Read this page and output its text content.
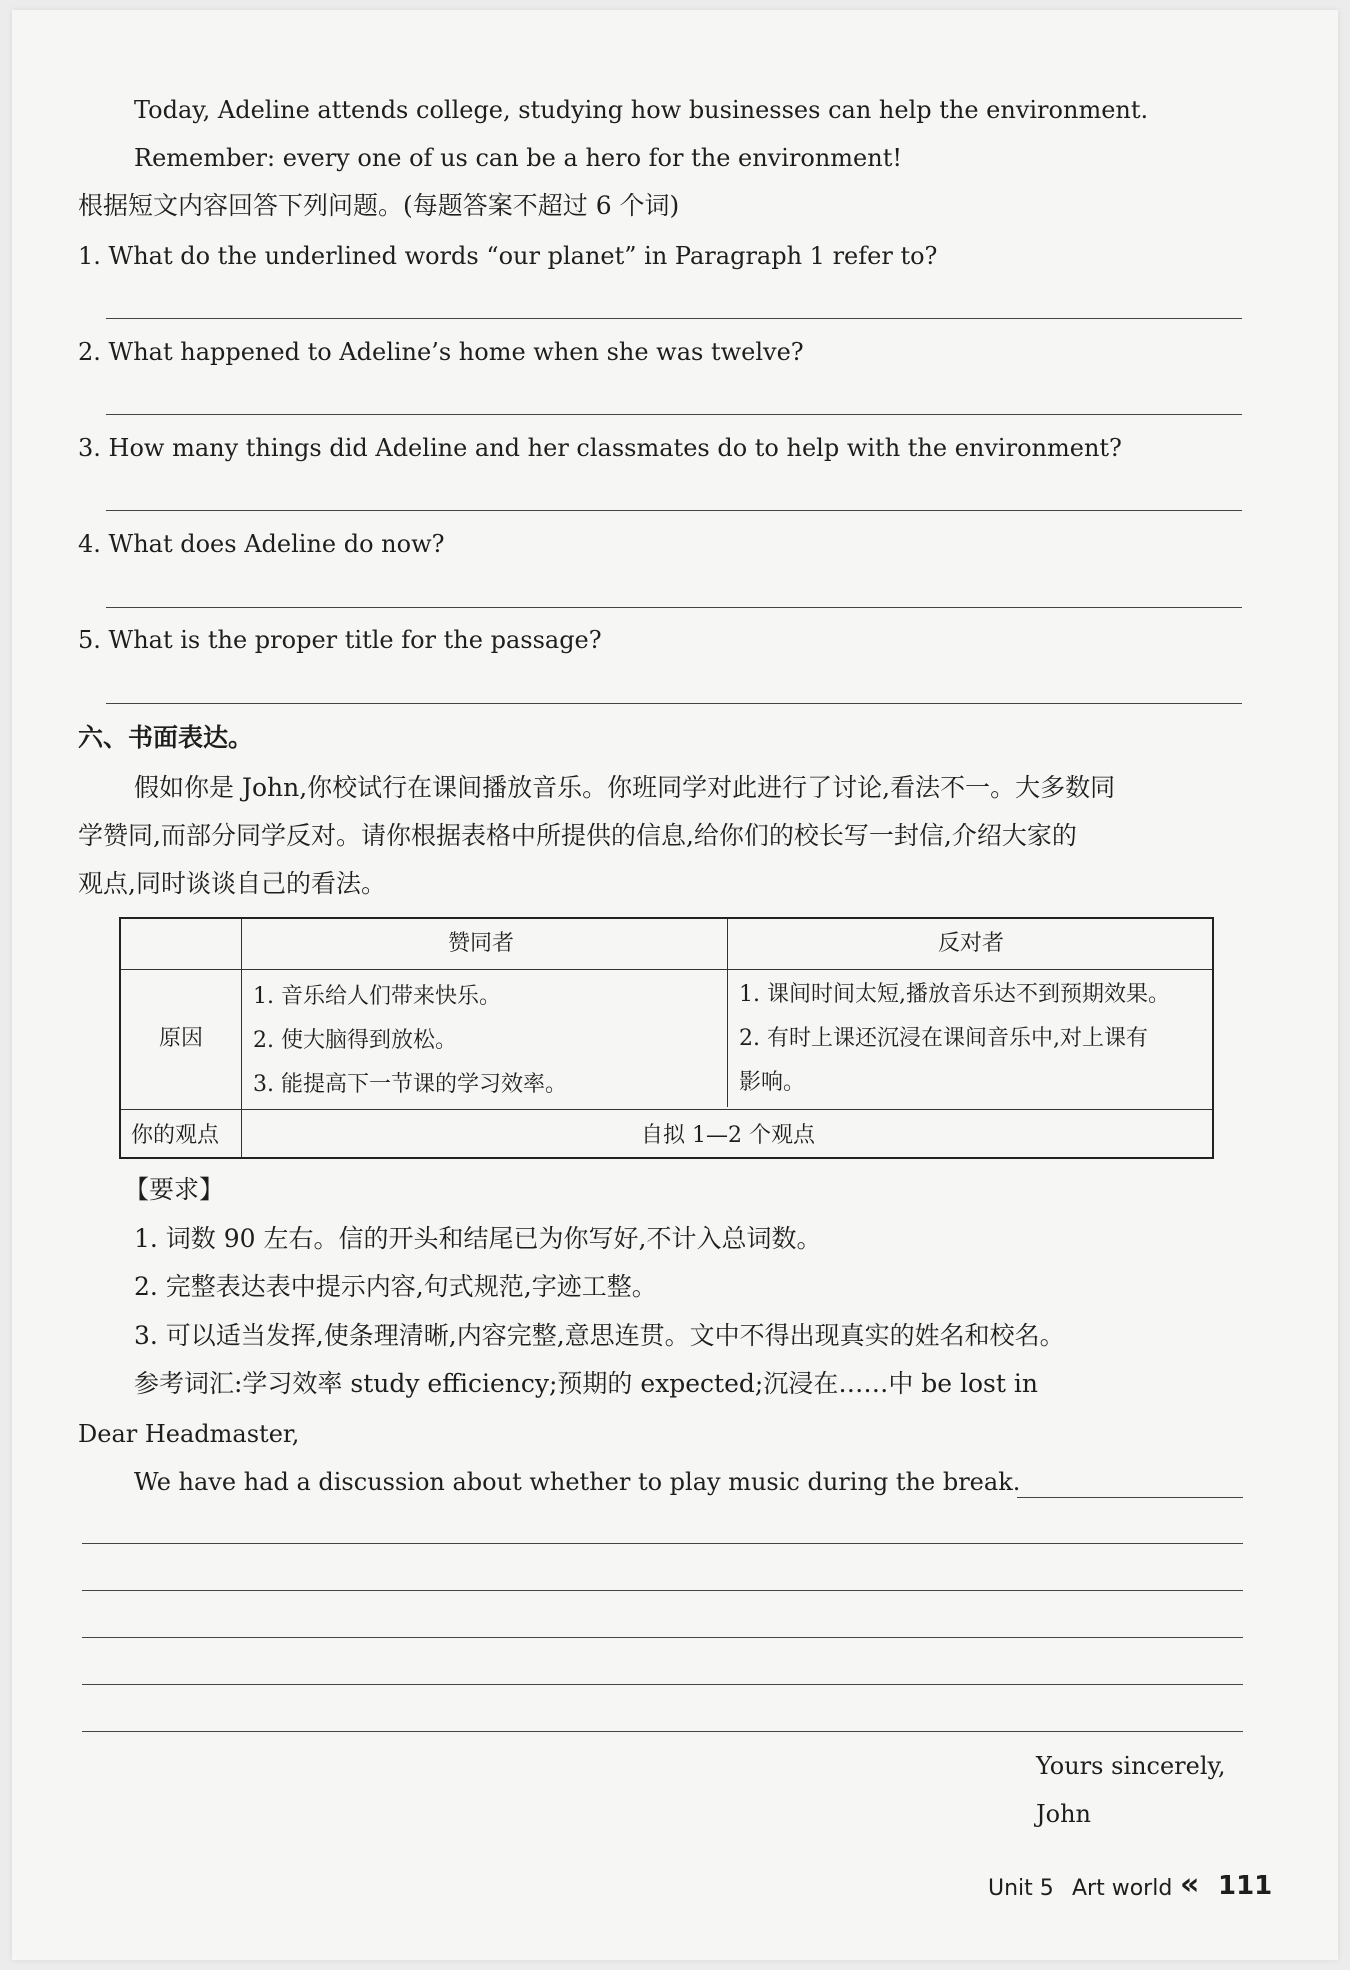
Today, Adeline attends college, studying how businesses can help the environment.
Remember: every one of us can be a hero for the environment!
根据短文内容回答下列问题。(每题答案不超过 6 个词)
1. What do the underlined words “our planet” in Paragraph 1 refer to?
2. What happened to Adeline’s home when she was twelve?
3. How many things did Adeline and her classmates do to help with the environment?
4. What does Adeline do now?
5. What is the proper title for the passage?
六、书面表达。
假如你是 John,你校试行在课间播放音乐。你班同学对此进行了讨论,看法不一。大多数同
学赞同,而部分同学反对。请你根据表格中所提供的信息,给你们的校长写一封信,介绍大家的
观点,同时谈谈自己的看法。
赞同者	反对者
原因
1. 音乐给人们带来快乐。
2. 使大脑得到放松。
3. 能提高下一节课的学习效率。
1. 课间时间太短,播放音乐达不到预期效果。
2. 有时上课还沉浸在课间音乐中,对上课有
影响。
你的观点	自拟 1—2 个观点
【要求】
1. 词数 90 左右。信的开头和结尾已为你写好,不计入总词数。
2. 完整表达表中提示内容,句式规范,字迹工整。
3. 可以适当发挥,使条理清晰,内容完整,意思连贯。文中不得出现真实的姓名和校名。
参考词汇:学习效率 study efficiency;预期的 expected;沉浸在……中 be lost in
Dear Headmaster,
We have had a discussion about whether to play music during the break.
Yours sincerely,
John
Unit 5 Art world « 111
